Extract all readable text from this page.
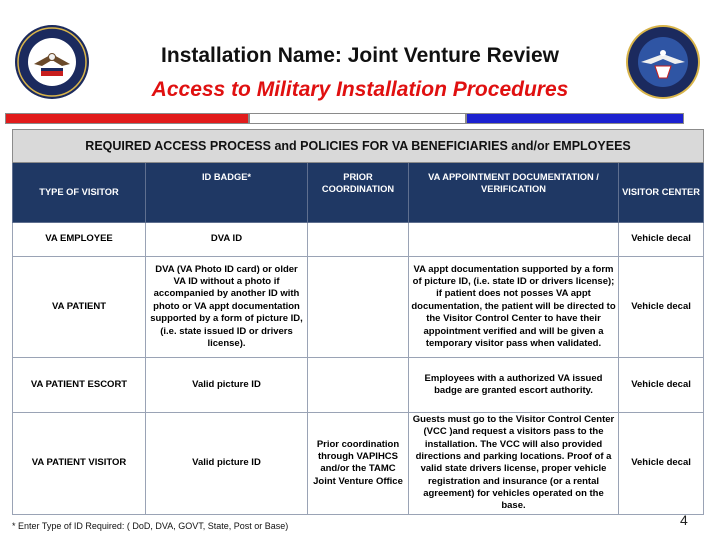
Installation Name: Joint Venture Review
Access to Military Installation Procedures
REQUIRED ACCESS PROCESS and POLICIES FOR VA BENEFICIARIES and/or EMPLOYEES				
TYPE OF VISITOR	ID BADGE*	PRIOR COORDINATION	VA APPOINTMENT DOCUMENTATION / VERIFICATION	VISITOR CENTER
VA EMPLOYEE	DVA ID			Vehicle decal
VA PATIENT	DVA (VA Photo ID card) or older VA ID without a photo if accompanied by another ID with photo or VA appt documentation supported by a form of picture ID, (i.e. state issued ID or drivers license).		VA appt documentation supported by a form of picture ID, (i.e. state ID or drivers license); if patient does not posses VA appt documentation, the patient will be directed to the Visitor Control Center to have their appointment verified and will be given a temporary visitor pass when validated.	Vehicle decal
VA PATIENT ESCORT	Valid picture ID		Employees with a authorized VA issued badge are granted escort authority.	Vehicle decal
VA PATIENT VISITOR	Valid picture ID	Prior coordination through VAPIHCS and/or the TAMC Joint Venture Office	Guests must go to the Visitor Control Center (VCC )and request a visitors pass to the installation. The VCC will also provided directions and parking locations. Proof of a valid state drivers license, proper vehicle registration and insurance (or a rental agreement) for vehicles operated on the base.	Vehicle decal
* Enter Type of ID Required: ( DoD, DVA, GOVT, State, Post or Base)	4
